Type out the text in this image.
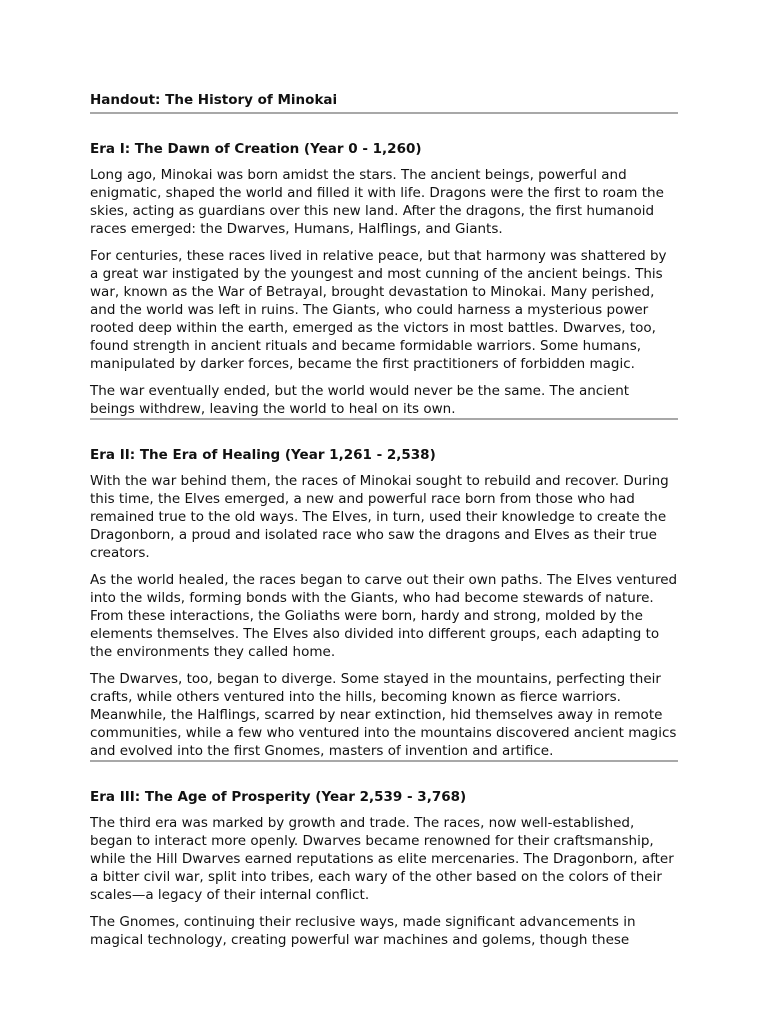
Handout: The History of Minokai
Era I: The Dawn of Creation (Year 0 - 1,260)

Long ago, Minokai was born amidst the stars. The ancient beings, powerful and enigmatic, shaped the world and filled it with life. Dragons were the first to roam the skies, acting as guardians over this new land. After the dragons, the first humanoid races emerged: the Dwarves, Humans, Halflings, and Giants.

For centuries, these races lived in relative peace, but that harmony was shattered by a great war instigated by the youngest and most cunning of the ancient beings. This war, known as the War of Betrayal, brought devastation to Minokai. Many perished, and the world was left in ruins. The Giants, who could harness a mysterious power rooted deep within the earth, emerged as the victors in most battles. Dwarves, too, found strength in ancient rituals and became formidable warriors. Some humans, manipulated by darker forces, became the first practitioners of forbidden magic.

The war eventually ended, but the world would never be the same. The ancient beings withdrew, leaving the world to heal on its own.

Era II: The Era of Healing (Year 1,261 - 2,538)

With the war behind them, the races of Minokai sought to rebuild and recover. During this time, the Elves emerged, a new and powerful race born from those who had remained true to the old ways. The Elves, in turn, used their knowledge to create the Dragonborn, a proud and isolated race who saw the dragons and Elves as their true creators.

As the world healed, the races began to carve out their own paths. The Elves ventured into the wilds, forming bonds with the Giants, who had become stewards of nature. From these interactions, the Goliaths were born, hardy and strong, molded by the elements themselves. The Elves also divided into different groups, each adapting to the environments they called home.

The Dwarves, too, began to diverge. Some stayed in the mountains, perfecting their crafts, while others ventured into the hills, becoming known as fierce warriors. Meanwhile, the Halflings, scarred by near extinction, hid themselves away in remote communities, while a few who ventured into the mountains discovered ancient magics and evolved into the first Gnomes, masters of invention and artifice.

Era III: The Age of Prosperity (Year 2,539 - 3,768)

The third era was marked by growth and trade. The races, now well-established, began to interact more openly. Dwarves became renowned for their craftsmanship, while the Hill Dwarves earned reputations as elite mercenaries. The Dragonborn, after a bitter civil war, split into tribes, each wary of the other based on the colors of their scales—a legacy of their internal conflict.

The Gnomes, continuing their reclusive ways, made significant advancements in magical technology, creating powerful war machines and golems, though these
